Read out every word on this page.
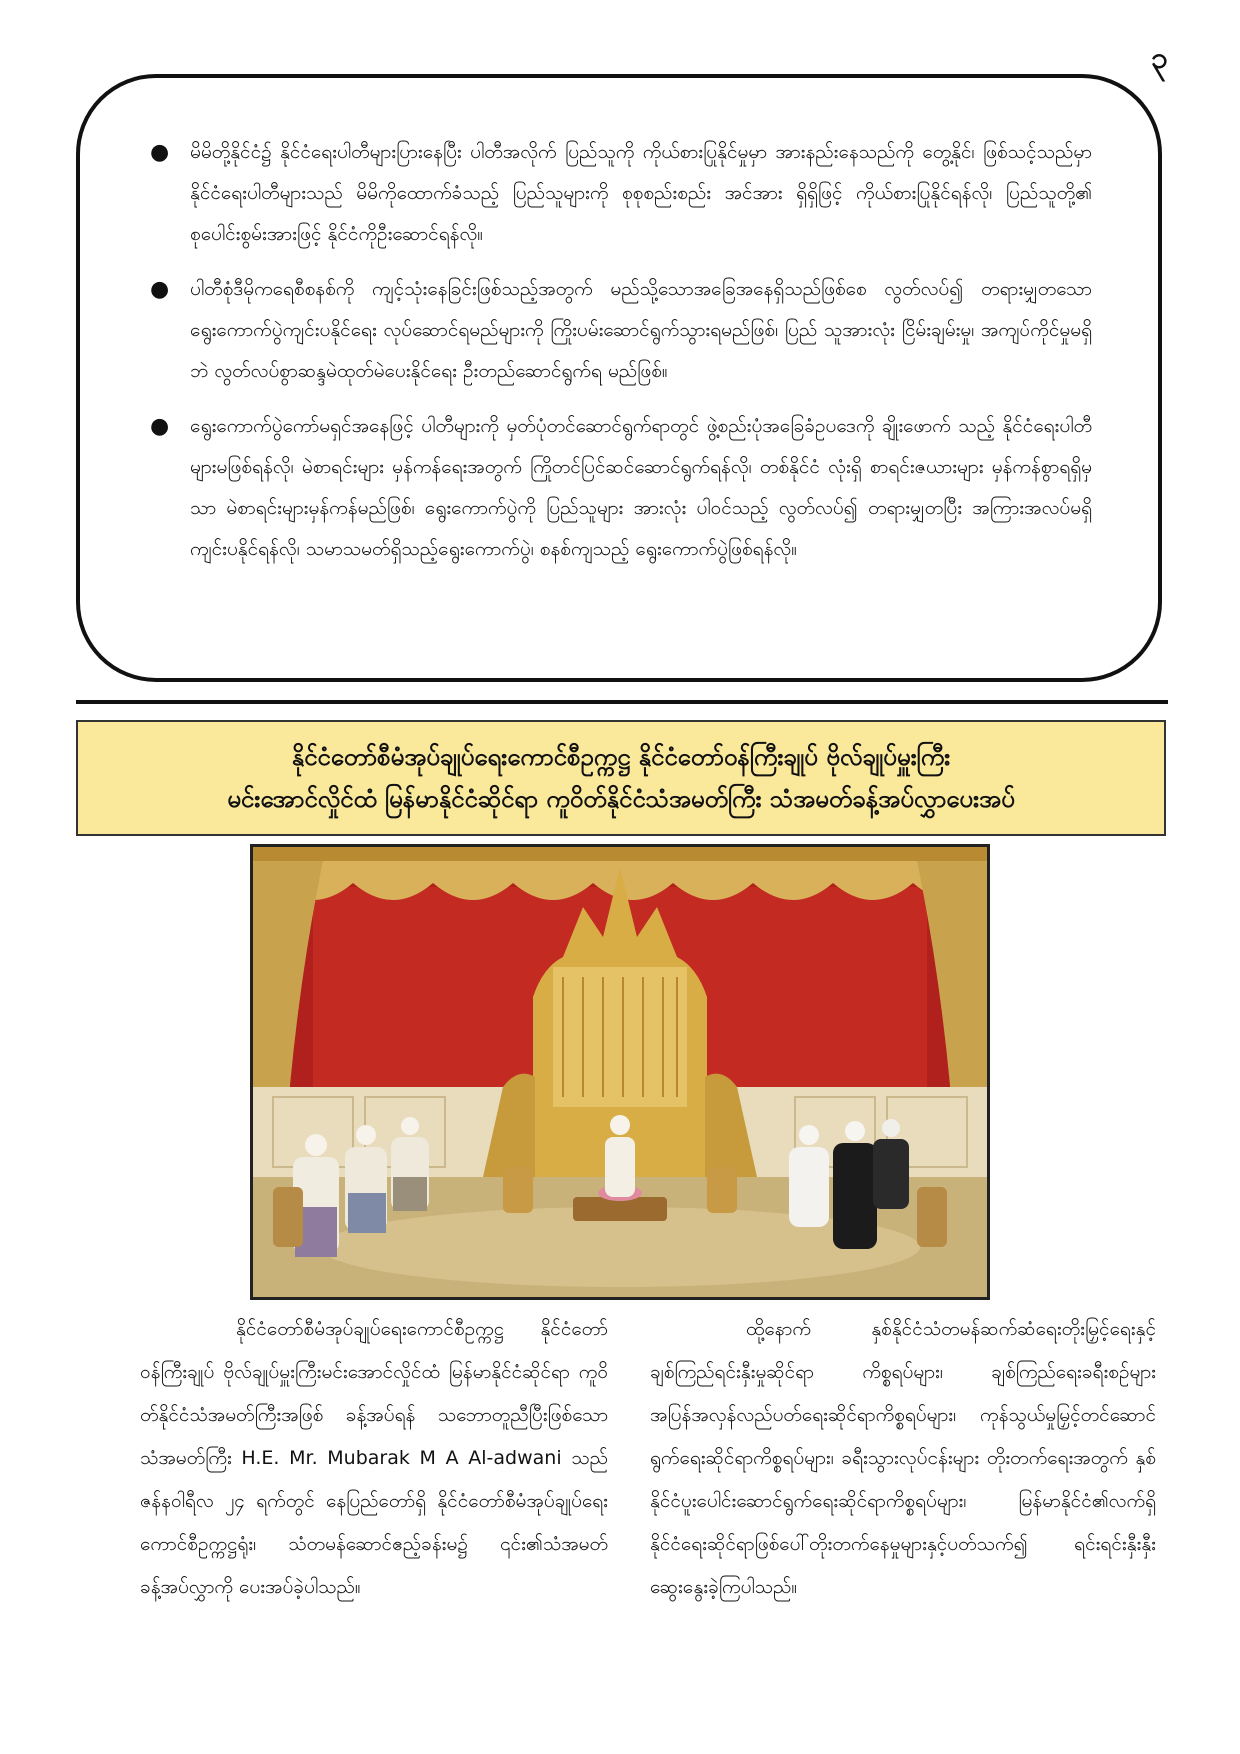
၃
● မိမိတို့နိုင်ငံ၌ နိုင်ငံရေးပါတီများပြားနေပြီး ပါတီအလိုက် ပြည်သူကို ကိုယ်စားပြုနိုင်မှုမှာ အားနည်းနေသည်ကို တွေ့နိုင်၊ ဖြစ်သင့်သည်မှာ နိုင်ငံရေးပါတီများသည် မိမိကိုထောက်ခံသည့် ပြည်သူများကို စုစုစည်းစည်း အင်အား ရှိရှိဖြင့် ကိုယ်စားပြုနိုင်ရန်လို၊ ပြည်သူတို့၏ စုပေါင်းစွမ်းအားဖြင့် နိုင်ငံကိုဦးဆောင်ရန်လို။
● ပါတီစုံဒီမိုကရေစီစနစ်ကို ကျင့်သုံးနေခြင်းဖြစ်သည့်အတွက် မည်သို့သောအခြေအနေရှိသည်ဖြစ်စေ လွတ်လပ်၍ တရားမျှတသော ရွေးကောက်ပွဲကျင်းပနိုင်ရေး လုပ်ဆောင်ရမည်များကို ကြိုးပမ်းဆောင်ရွက်သွားရမည်ဖြစ်၊ ပြည် သူအားလုံး ငြိမ်းချမ်းမှု၊ အကျပ်ကိုင်မှုမရှိဘဲ လွတ်လပ်စွာဆန္ဒမဲထုတ်မဲပေးနိုင်ရေး ဦးတည်ဆောင်ရွက်ရ မည်ဖြစ်။
● ရွေးကောက်ပွဲကော်မရှင်အနေဖြင့် ပါတီများကို မှတ်ပုံတင်ဆောင်ရွက်ရာတွင် ဖွဲ့စည်းပုံအခြေခံဥပဒေကို ချိုးဖောက် သည့် နိုင်ငံရေးပါတီများမဖြစ်ရန်လို၊ မဲစာရင်းများ မှန်ကန်ရေးအတွက် ကြိုတင်ပြင်ဆင်ဆောင်ရွက်ရန်လို၊ တစ်နိုင်ငံ လုံးရှိ စာရင်းဇယားများ မှန်ကန်စွာရရှိမှသာ မဲစာရင်းများမှန်ကန်မည်ဖြစ်၊ ရွေးကောက်ပွဲကို ပြည်သူများ အားလုံး ပါဝင်သည့် လွတ်လပ်၍ တရားမျှတပြီး အကြားအလပ်မရှိ ကျင်းပနိုင်ရန်လို၊ သမာသမတ်ရှိသည့်ရွေးကောက်ပွဲ၊ စနစ်ကျသည့် ရွေးကောက်ပွဲဖြစ်ရန်လို။
နိုင်ငံတော်စီမံအုပ်ချုပ်ရေးကောင်စီဥက္ကဋ္ဌ နိုင်ငံတော်ဝန်ကြီးချုပ် ဗိုလ်ချုပ်မှူးကြီး
မင်းအောင်လှိုင်ထံ မြန်မာနိုင်ငံဆိုင်ရာ ကူဝိတ်နိုင်ငံသံအမတ်ကြီး သံအမတ်ခန့်အပ်လွှာပေးအပ်
နိုင်ငံတော်စီမံအုပ်ချုပ်ရေးကောင်စီဥက္ကဋ္ဌ နိုင်ငံတော်ဝန်ကြီးချုပ် ဗိုလ်ချုပ်မှူးကြီးမင်းအောင်လှိုင်ထံ မြန်မာနိုင်ငံဆိုင်ရာ ကူဝိတ်နိုင်ငံသံအမတ်ကြီးအဖြစ် ခန့်အပ်ရန် သဘောတူညီပြီးဖြစ်သော သံအမတ်ကြီး H.E. Mr. Mubarak M A Al-adwani သည် ဇန်နဝါရီလ ၂၄ ရက်တွင် နေပြည်တော်ရှိ နိုင်ငံတော်စီမံအုပ်ချုပ်ရေးကောင်စီဥက္ကဋ္ဌရုံး၊ သံတမန်ဆောင်ဧည့်ခန်းမ၌ ၎င်း၏သံအမတ်ခန့်အပ်လွှာကို ပေးအပ်ခဲ့ပါသည်။
ထို့နောက် နှစ်နိုင်ငံသံတမန်ဆက်ဆံရေးတိုးမြှင့်ရေးနှင့် ချစ်ကြည်ရင်းနှီးမှုဆိုင်ရာ ကိစ္စရပ်များ၊ ချစ်ကြည်ရေးခရီးစဉ်များ အပြန်အလှန်လည်ပတ်ရေးဆိုင်ရာကိစ္စရပ်များ၊ ကုန်သွယ်မှုမြှင့်တင်ဆောင်ရွက်ရေးဆိုင်ရာကိစ္စရပ်များ၊ ခရီးသွားလုပ်ငန်းများ တိုးတက်ရေးအတွက် နှစ်နိုင်ငံပူးပေါင်းဆောင်ရွက်ရေးဆိုင်ရာကိစ္စရပ်များ၊ မြန်မာနိုင်ငံ၏လက်ရှိနိုင်ငံရေးဆိုင်ရာဖြစ်ပေါ်တိုးတက်နေမှုများနှင့်ပတ်သက်၍ ရင်းရင်းနှီးနှီး ဆွေးနွေးခဲ့ကြပါသည်။
